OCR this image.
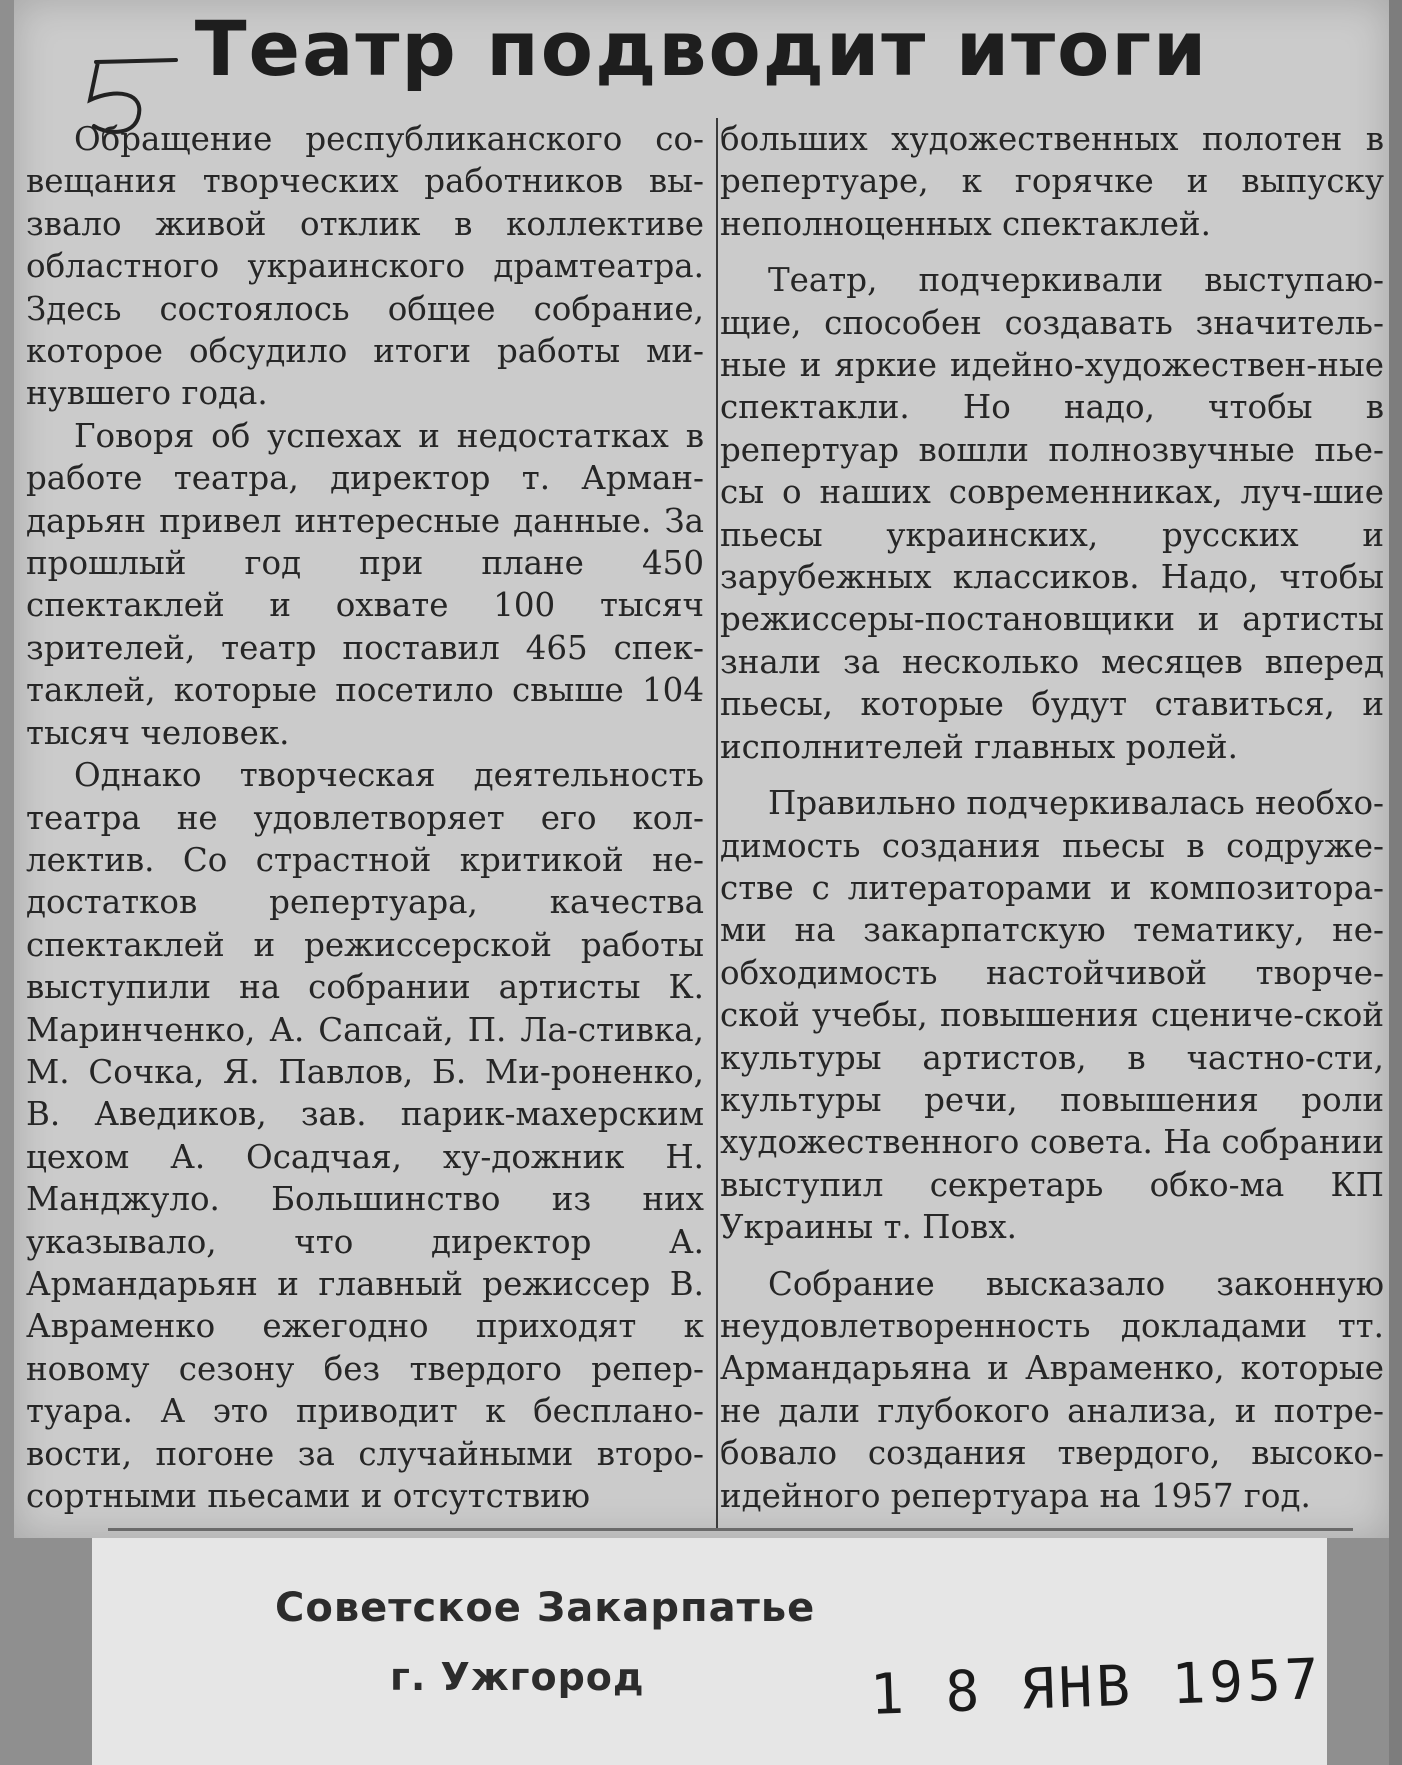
Театр подводит итоги

Обращение республиканского со-вещания творческих работников вы-звало живой отклик в коллективе областного украинского драмтеатра. Здесь состоялось общее собрание, которое обсудило итоги работы ми-нувшего года.

Говоря об успехах и недостатках в работе театра, директор т. Арман-дарьян привел интересные данные. За прошлый год при плане 450 спектаклей и охвате 100 тысяч зрителей, театр поставил 465 спек-таклей, которые посетило свыше 104 тысяч человек.

Однако творческая деятельность театра не удовлетворяет его кол-лектив. Со страстной критикой не-достатков репертуара, качества спектаклей и режиссерской работы выступили на собрании артисты К. Маринченко, А. Сапсай, П. Ла-стивка, М. Сочка, Я. Павлов, Б. Ми-роненко, В. Аведиков, зав. парик-махерским цехом А. Осадчая, ху-дожник Н. Манджуло. Большинство из них указывало, что директор А. Армандарьян и главный режиссер В. Авраменко ежегодно приходят к новому сезону без твердого репер-туара. А это приводит к бесплано-вости, погоне за случайными второ-сортными пьесами и отсутствию

больших художественных полотен в репертуаре, к горячке и выпуску неполноценных спектаклей.

Театр, подчеркивали выступаю-щие, способен создавать значитель-ные и яркие идейно-художествен-ные спектакли. Но надо, чтобы в репертуар вошли полнозвучные пье-сы о наших современниках, луч-шие пьесы украинских, русских и зарубежных классиков. Надо, чтобы режиссеры-постановщики и артисты знали за несколько месяцев вперед пьесы, которые будут ставиться, и исполнителей главных ролей.

Правильно подчеркивалась необхо-димость создания пьесы в содруже-стве с литераторами и композитора-ми на закарпатскую тематику, не-обходимость настойчивой творче-ской учебы, повышения сцениче-ской культуры артистов, в частно-сти, культуры речи, повышения роли художественного совета. На собрании выступил секретарь обко-ма КП Украины т. Повх.

Собрание высказало законную неудовлетворенность докладами тт. Армандарьяна и Авраменко, которые не дали глубокого анализа, и потре-бовало создания твердого, высоко-идейного репертуара на 1957 год.

Советское Закарпатье
г. Ужгород	1 8 ЯНВ 1957
